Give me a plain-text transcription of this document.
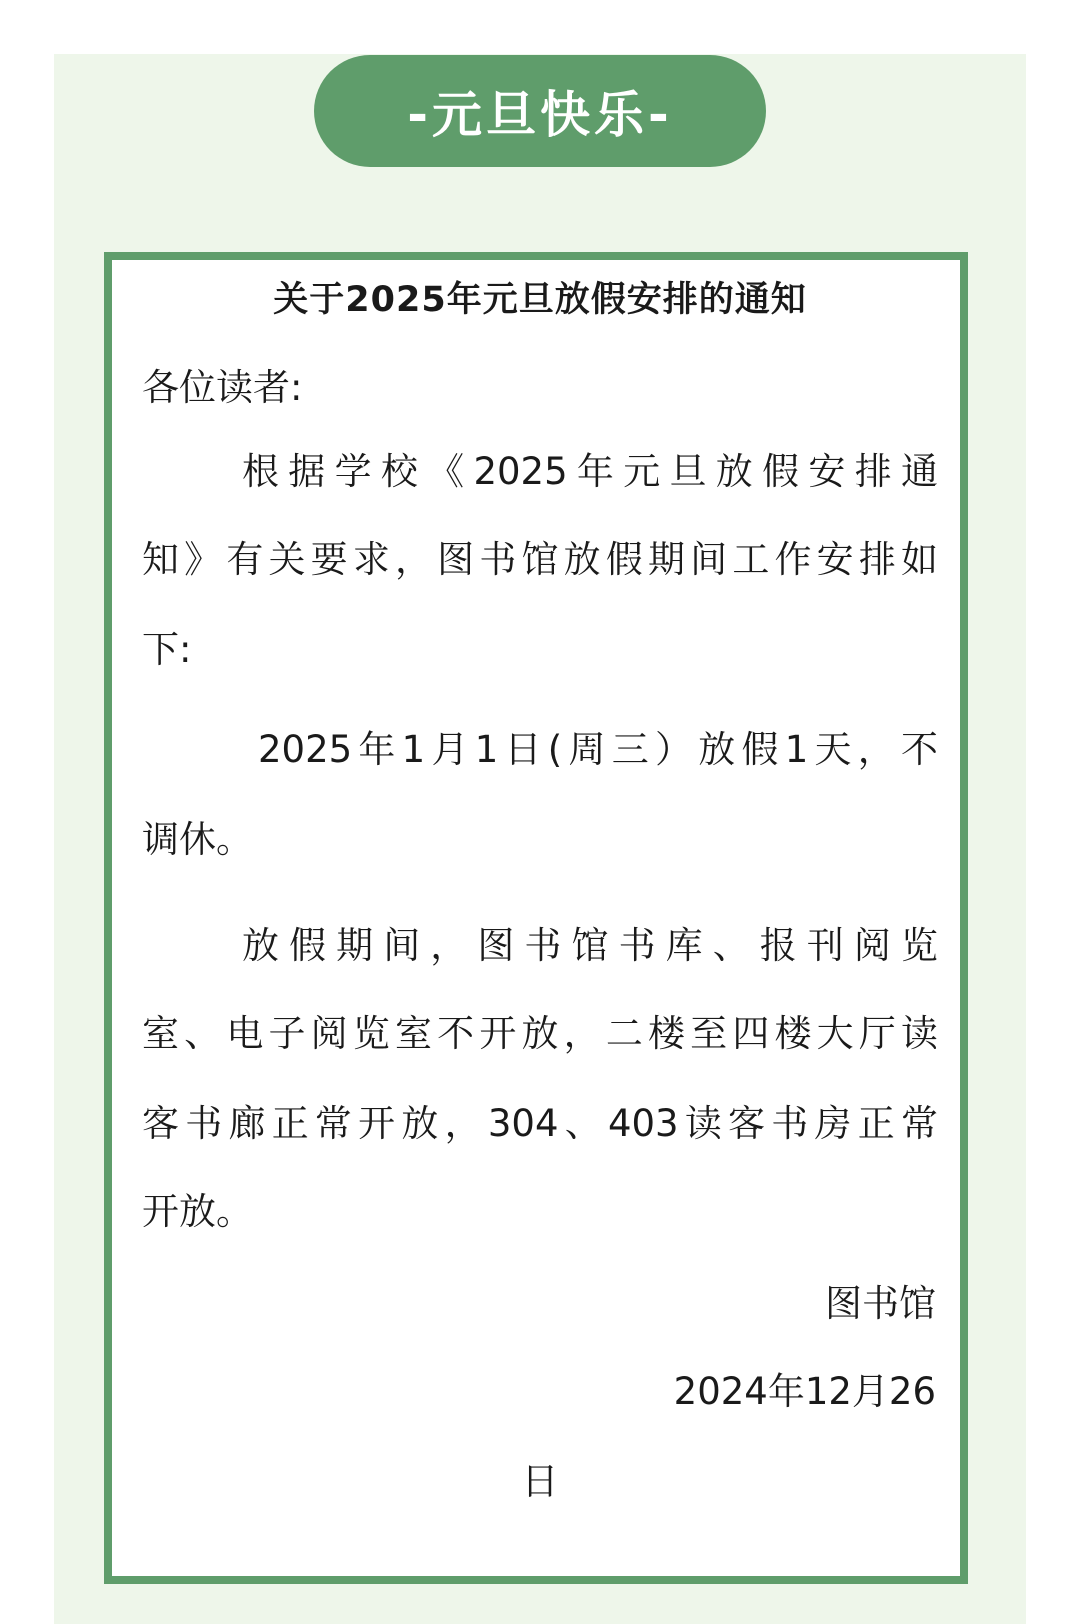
-元旦快乐-
关于2025年元旦放假安排的通知
各位读者:
根据学校《2025年元旦放假安排通
知》有关要求，图书馆放假期间工作安排如
下:
2025年1月1日(周三）放假1天，不
调休。
放假期间，图书馆书库、报刊阅览
室、电子阅览室不开放，二楼至四楼大厅读
客书廊正常开放，304、403读客书房正常
开放。
图书馆
2024年12月26
日
